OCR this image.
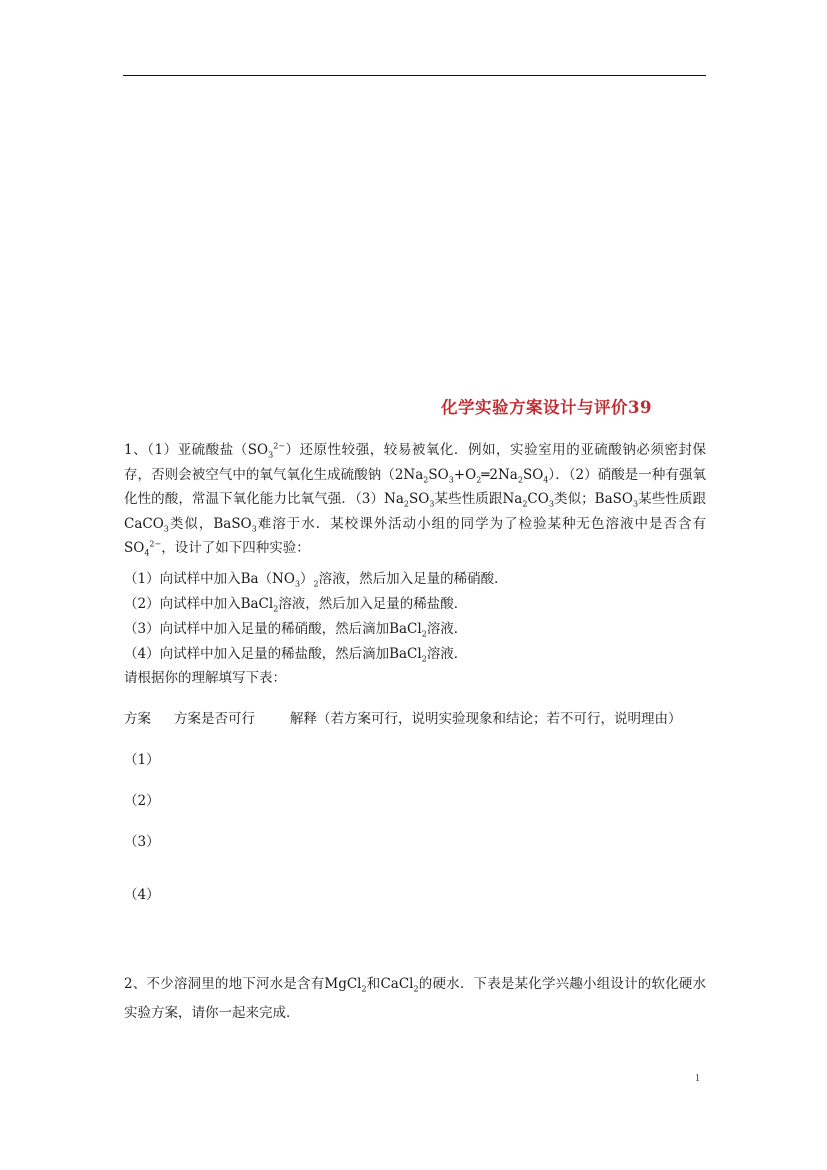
化学实验方案设计与评价39

1、（1）亚硫酸盐$(SO_3^{2-})$还原性较强，较易被氧化．例如，实验室用的亚硫酸钠必须密封保存，否则会被空气中的氧气氧化生成硫酸钠$(2Na_2SO_3+O_2═2Na_2SO_4)$．（2）硝酸是一种有强氧化性的酸，常温下氧化能力比氧气强．$(3)Na_2SO_3$某些性质跟$Na_2CO_3$类似；BaSO$_3$某些性质跟CaCO$_3$类似，BaSO$_3$难溶于水．某校课外活动小组的同学为了检验某种无色溶液中是否含有$SO_4^{2-}$，设计了如下四种实验：

（1）向试样中加入$Ba(NO_3)_2$溶液，然后加入足量的稀硝酸．
（2）向试样中加入BaCl$_2$溶液，然后加入足量的稀盐酸．
（3）向试样中加入足量的稀硝酸，然后滴加BaCl$_2$溶液．
（4）向试样中加入足量的稀盐酸，然后滴加BaCl$_2$溶液．
请根据你的理解填写下表：
方案 方案是否可行	解释（若方案可行，说明实验现象和结论；若不可行，说明理由）
（1）
（2）
（3）
（4）

2、不少溶洞里的地下河水是含有MgCl$_2$和CaCl$_2$的硬水．下表是某化学兴趣小组设计的软化硬水实验方案，请你一起来完成．

1
